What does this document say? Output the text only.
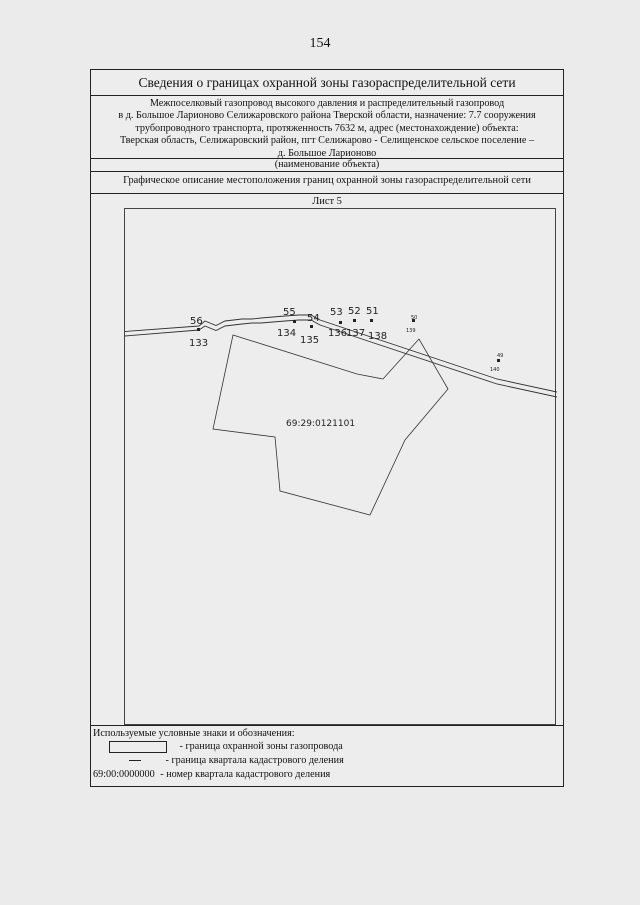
154
Сведения о границах охранной зоны газораспределительной сети
Межпоселковый газопровод высокого давления и распределительный газопровод
в д. Большое Ларионово Селижаровского района Тверской области, назначение: 7.7 сооружения
трубопроводного транспорта, протяженность 7632 м, адрес (местонахождение) объекта:
Тверская область, Селижаровский район, пгт Селижарово - Селищенское сельское поселение –
д. Большое Ларионово
(наименование объекта)
Графическое описание местоположения границ охранной зоны газораспределительной сети
Лист 5
Используемые условные знаки и обозначения:
- граница охранной зоны газопровода
- граница квартала кадастрового деления
69:00:0000000 - номер квартала кадастрового деления
56
55
54
53 52 51
50
49
133
134
135
136
137 138	139
140
69:29:0121101
